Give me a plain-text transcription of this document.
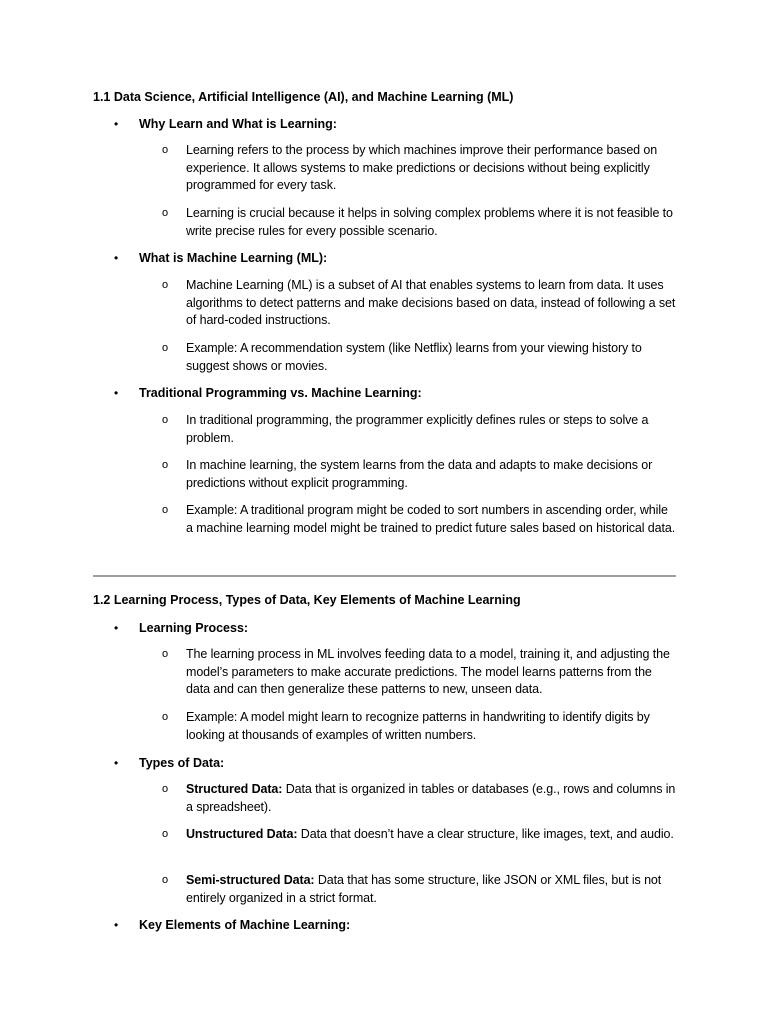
1.1 Data Science, Artificial Intelligence (AI), and Machine Learning (ML)
•	Why Learn and What is Learning:
o Learning refers to the process by which machines improve their performance based on experience. It allows systems to make predictions or decisions without being explicitly programmed for every task.
o Learning is crucial because it helps in solving complex problems where it is not feasible to write precise rules for every possible scenario.
•	What is Machine Learning (ML):
o Machine Learning (ML) is a subset of AI that enables systems to learn from data. It uses algorithms to detect patterns and make decisions based on data, instead of following a set of hard-coded instructions.
o Example: A recommendation system (like Netflix) learns from your viewing history to suggest shows or movies.
•	Traditional Programming vs. Machine Learning:
o In traditional programming, the programmer explicitly defines rules or steps to solve a problem.
o In machine learning, the system learns from the data and adapts to make decisions or predictions without explicit programming.
o Example: A traditional program might be coded to sort numbers in ascending order, while a machine learning model might be trained to predict future sales based on historical data.
1.2 Learning Process, Types of Data, Key Elements of Machine Learning
•	Learning Process:
o The learning process in ML involves feeding data to a model, training it, and adjusting the model’s parameters to make accurate predictions. The model learns patterns from the data and can then generalize these patterns to new, unseen data.
o Example: A model might learn to recognize patterns in handwriting to identify digits by looking at thousands of examples of written numbers.
•	Types of Data:
o Structured Data: Data that is organized in tables or databases (e.g., rows and columns in a spreadsheet).
o Unstructured Data: Data that doesn’t have a clear structure, like images, text, and audio.
o Semi-structured Data: Data that has some structure, like JSON or XML files, but is not entirely organized in a strict format.
•	Key Elements of Machine Learning:
